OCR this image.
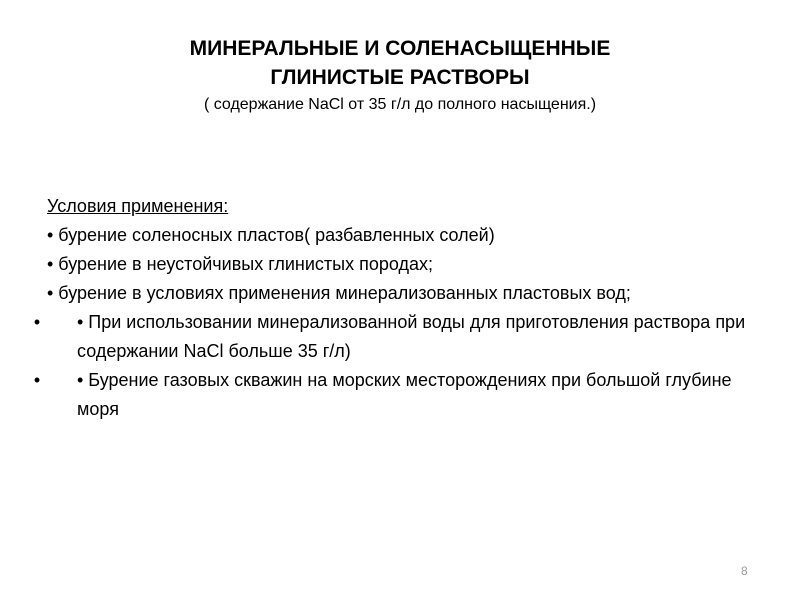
МИНЕРАЛЬНЫЕ И СОЛЕНАСЫЩЕННЫЕ
ГЛИНИСТЫЕ РАСТВОРЫ
( содержание NaCl от 35 г/л до полного насыщения.)
Условия применения:
• бурение соленосных пластов( разбавленных солей)
• бурение в неустойчивых глинистых породах;
• бурение в условиях применения минерализованных пластовых вод;
• • При использовании минерализованной воды для приготовления раствора при содержании NaCl больше 35 г/л)
• • Бурение газовых скважин на морских месторождениях при большой глубине моря
8
